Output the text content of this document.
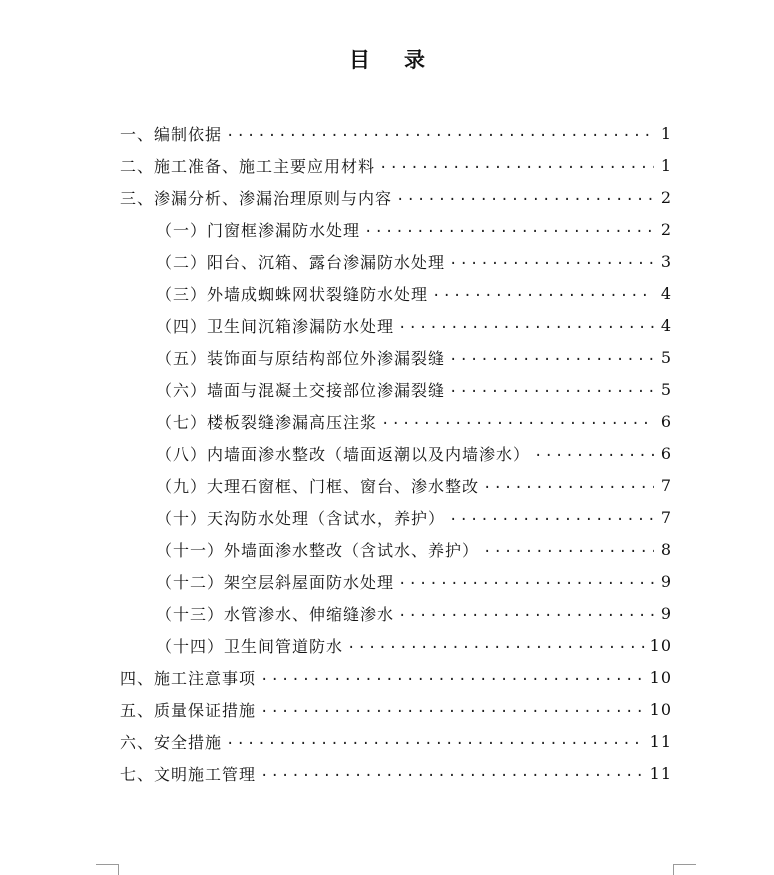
目录
一、编制依据 .....	1
二、施工准备、施工主要应用材料 .....	1
三、渗漏分析、渗漏治理原则与内容 .....	2
（一）门窗框渗漏防水处理 .....	2
（二）阳台、沉箱、露台渗漏防水处理 .....	3
（三）外墙成蜘蛛网状裂缝防水处理 .....	4
（四）卫生间沉箱渗漏防水处理 .....	4
（五）装饰面与原结构部位外渗漏裂缝 .....	5
（六）墙面与混凝土交接部位渗漏裂缝 .....	5
（七）楼板裂缝渗漏高压注浆 .....	6
（八）内墙面渗水整改（墙面返潮以及内墙渗水） .....	6
（九）大理石窗框、门框、窗台、渗水整改 .....	7
（十）天沟防水处理（含试水，养护） .....	7
（十一）外墙面渗水整改（含试水、养护） .....	8
（十二）架空层斜屋面防水处理 .....	9
（十三）水管渗水、伸缩缝渗水 .....	9
（十四）卫生间管道防水 .....	10
四、施工注意事项 .....	10
五、质量保证措施 .....	10
六、安全措施 .....	11
七、文明施工管理 .....	11
